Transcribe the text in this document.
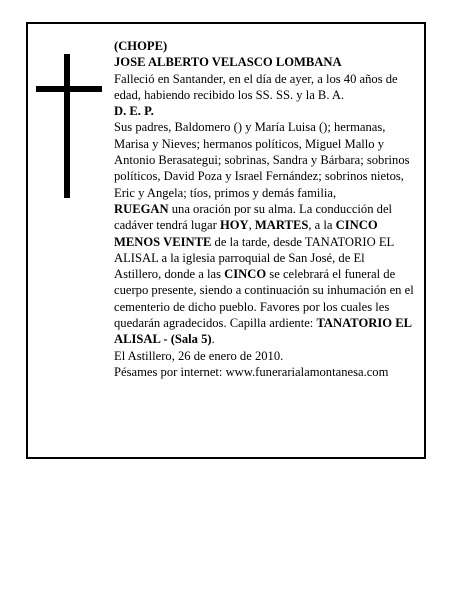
(CHOPE)

JOSE ALBERTO VELASCO LOMBANA

Falleció en Santander, en el día de ayer, a los 40 años de edad, habiendo recibido los SS. SS. y la B. A.

D. E. P.

Sus padres, Baldomero () y María Luisa (); hermanas, Marisa y Nieves; hermanos políticos, Miguel Mallo y Antonio Berasategui; sobrinas, Sandra y Bárbara; sobrinos políticos, David Poza y Israel Fernández; sobrinos nietos, Eric y Angela; tíos, primos y demás familia,

RUEGAN una oración por su alma. La conducción del cadáver tendrá lugar HOY, MARTES, a la CINCO MENOS VEINTE de la tarde, desde TANATORIO EL ALISAL a la iglesia parroquial de San José, de El Astillero, donde a las CINCO se celebrará el funeral de cuerpo presente, siendo a continuación su inhumación en el cementerio de dicho pueblo. Favores por los cuales les quedarán agradecidos. Capilla ardiente: TANATORIO EL ALISAL - (Sala 5).

El Astillero, 26 de enero de 2010.

Pésames por internet: www.funerarialamontanesa.com
